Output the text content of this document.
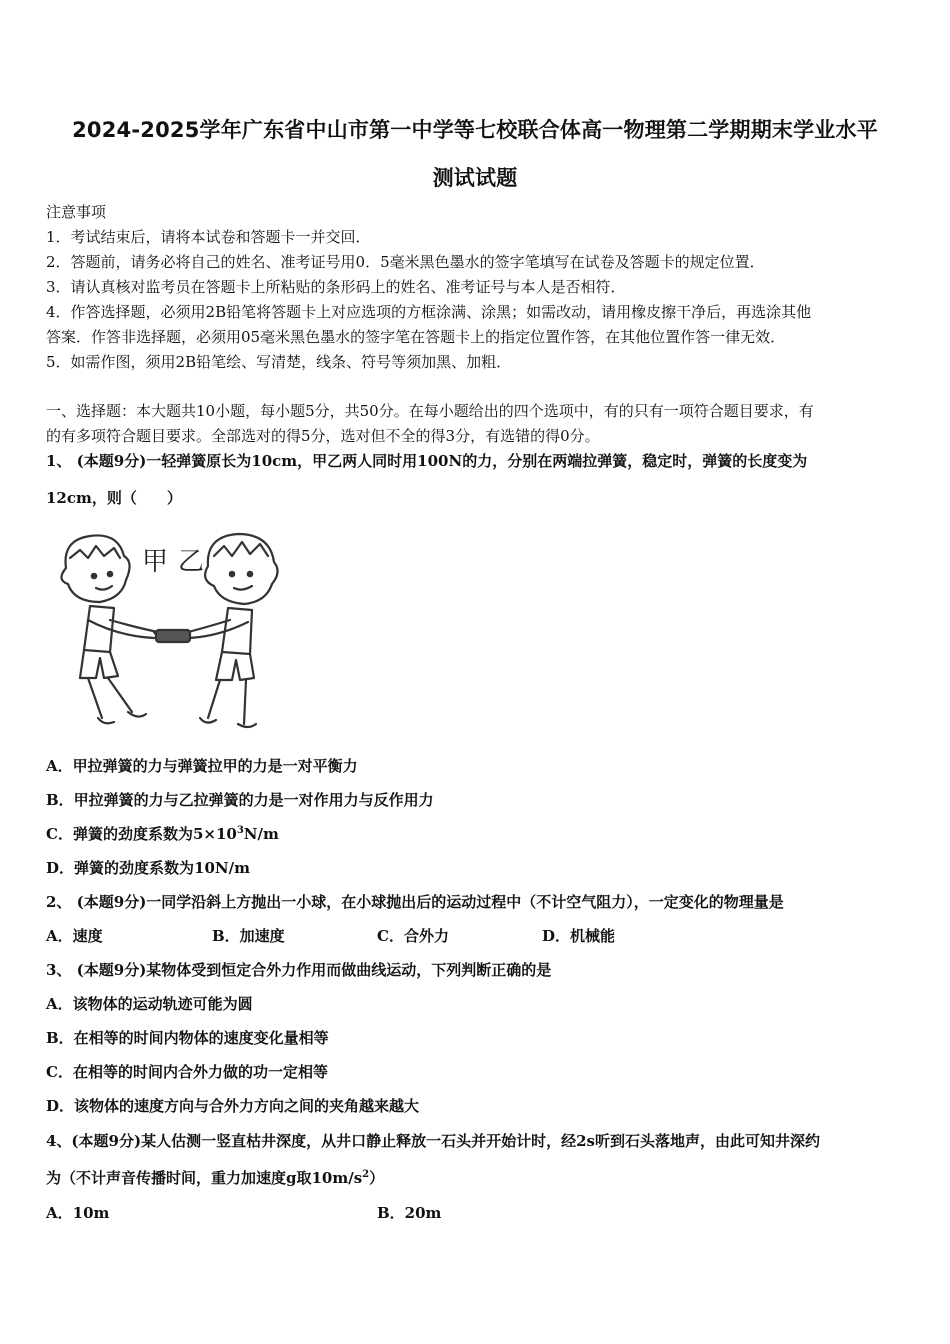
2024-2025学年广东省中山市第一中学等七校联合体高一物理第二学期期末学业水平
测试试题
注意事项
1．考试结束后，请将本试卷和答题卡一并交回．
2．答题前，请务必将自己的姓名、准考证号用0．5毫米黑色墨水的签字笔填写在试卷及答题卡的规定位置．
3．请认真核对监考员在答题卡上所粘贴的条形码上的姓名、准考证号与本人是否相符．
4．作答选择题，必须用2B铅笔将答题卡上对应选项的方框涂满、涂黑；如需改动，请用橡皮擦干净后，再选涂其他
答案．作答非选择题，必须用05毫米黑色墨水的签字笔在答题卡上的指定位置作答，在其他位置作答一律无效．
5．如需作图，须用2B铅笔绘、写清楚，线条、符号等须加黑、加粗．
一、选择题：本大题共10小题，每小题5分，共50分。在每小题给出的四个选项中，有的只有一项符合题目要求，有
的有多项符合题目要求。全部选对的得5分，选对但不全的得3分，有选错的得0分。
1、 (本题9分)一轻弹簧原长为10cm，甲乙两人同时用100N的力，分别在两端拉弹簧，稳定时，弹簧的长度变为
12cm，则（　　）
甲 乙
A．甲拉弹簧的力与弹簧拉甲的力是一对平衡力
B．甲拉弹簧的力与乙拉弹簧的力是一对作用力与反作用力
C．弹簧的劲度系数为$5\times 10^3N/m$
D．弹簧的劲度系数为10N/m
2、 (本题9分)一同学沿斜上方抛出一小球，在小球抛出后的运动过程中（不计空气阻力），一定变化的物理量是
A．速度	B．加速度	C．合外力	D．机械能
3、 (本题9分)某物体受到恒定合外力作用而做曲线运动，下列判断正确的是
A．该物体的运动轨迹可能为圆
B．在相等的时间内物体的速度变化量相等
C．在相等的时间内合外力做的功一定相等
D．该物体的速度方向与合外力方向之间的夹角越来越大
4、(本题9分)某人估测一竖直枯井深度，从井口静止释放一石头并开始计时，经2s听到石头落地声，由此可知井深约
为（不计声音传播时间，重力加速度g取$10m/s^2$）
A．10m	B．20m
